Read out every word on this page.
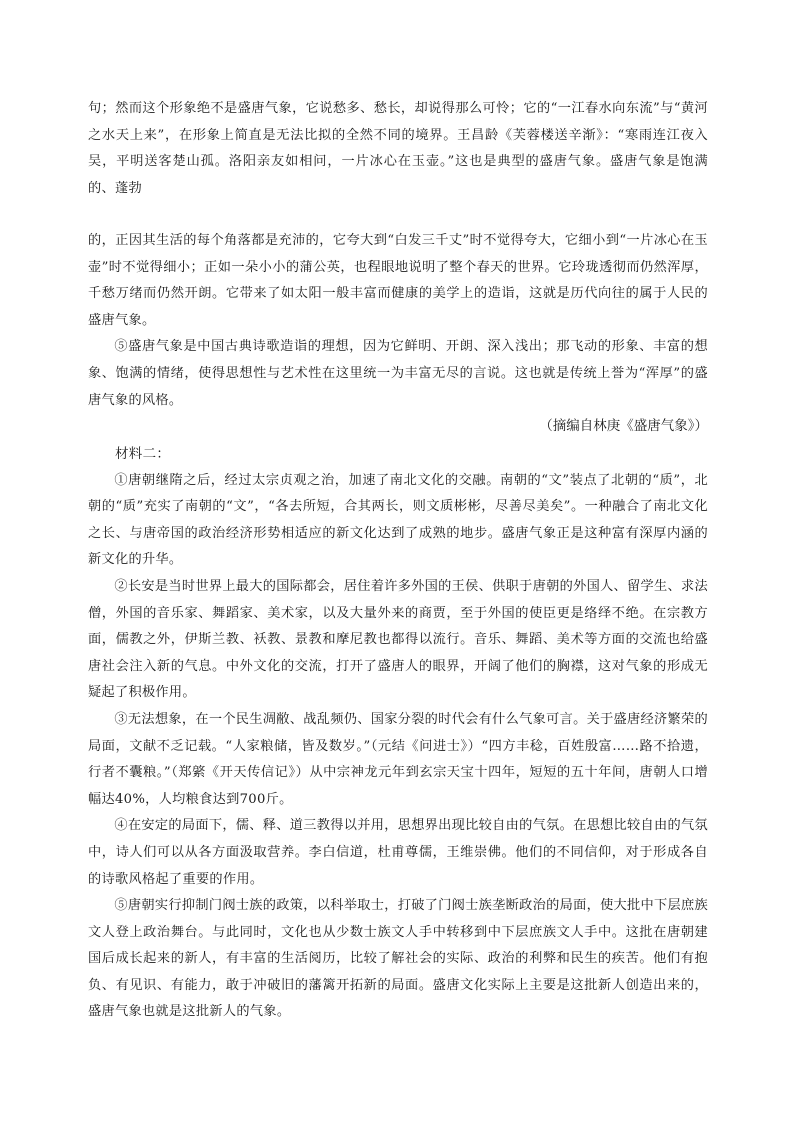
句；然而这个形象绝不是盛唐气象，它说愁多、愁长，却说得那么可怜；它的“一江春水向东流”与“黄河之水天上来”，在形象上简直是无法比拟的全然不同的境界。王昌龄《芙蓉楼送辛渐》：“寒雨连江夜入吴，平明送客楚山孤。洛阳亲友如相问，一片冰心在玉壶。”这也是典型的盛唐气象。盛唐气象是饱满的、蓬勃

的，正因其生活的每个角落都是充沛的，它夸大到“白发三千丈”时不觉得夸大，它细小到“一片冰心在玉壶”时不觉得细小；正如一朵小小的蒲公英，也程眼地说明了整个春天的世界。它玲珑透彻而仍然浑厚，千愁万绪而仍然开朗。它带来了如太阳一般丰富而健康的美学上的造诣，这就是历代向往的属于人民的盛唐气象。

⑤盛唐气象是中国古典诗歌造诣的理想，因为它鲜明、开朗、深入浅出；那飞动的形象、丰富的想象、饱满的情绪，使得思想性与艺术性在这里统一为丰富无尽的言说。这也就是传统上誉为“浑厚”的盛唐气象的风格。

（摘编自林庚《盛唐气象》）

材料二：

①唐朝继隋之后，经过太宗贞观之治，加速了南北文化的交融。南朝的“文”装点了北朝的“质”，北朝的“质”充实了南朝的“文”，“各去所短，合其两长，则文质彬彬，尽善尽美矣”。一种融合了南北文化之长、与唐帝国的政治经济形势相适应的新文化达到了成熟的地步。盛唐气象正是这种富有深厚内涵的新文化的升华。

②长安是当时世界上最大的国际都会，居住着许多外国的王侯、供职于唐朝的外国人、留学生、求法僧，外国的音乐家、舞蹈家、美术家，以及大量外来的商贾，至于外国的使臣更是络绎不绝。在宗教方面，儒教之外，伊斯兰教、袄教、景教和摩尼教也都得以流行。音乐、舞蹈、美术等方面的交流也给盛唐社会注入新的气息。中外文化的交流，打开了盛唐人的眼界，开阔了他们的胸襟，这对气象的形成无疑起了积极作用。

③无法想象，在一个民生凋敝、战乱频仍、国家分裂的时代会有什么气象可言。关于盛唐经济繁荣的局面，文献不乏记载。“人家粮储，皆及数岁。”（元结《问进士》）“四方丰稔，百姓殷富……路不拾遗，行者不囊粮。”（郑綮《开天传信记》）从中宗神龙元年到玄宗天宝十四年，短短的五十年间，唐朝人口增幅达40%，人均粮食达到700斤。

④在安定的局面下，儒、释、道三教得以并用，思想界出现比较自由的气氛。在思想比较自由的气氛中，诗人们可以从各方面汲取营养。李白信道，杜甫尊儒，王维崇佛。他们的不同信仰，对于形成各自的诗歌风格起了重要的作用。

⑤唐朝实行抑制门阀士族的政策，以科举取士，打破了门阀士族垄断政治的局面，使大批中下层庶族文人登上政治舞台。与此同时，文化也从少数士族文人手中转移到中下层庶族文人手中。这批在唐朝建国后成长起来的新人，有丰富的生活阅历，比较了解社会的实际、政治的利弊和民生的疾苦。他们有抱负、有见识、有能力，敢于冲破旧的藩篱开拓新的局面。盛唐文化实际上主要是这批新人创造出来的，盛唐气象也就是这批新人的气象。
